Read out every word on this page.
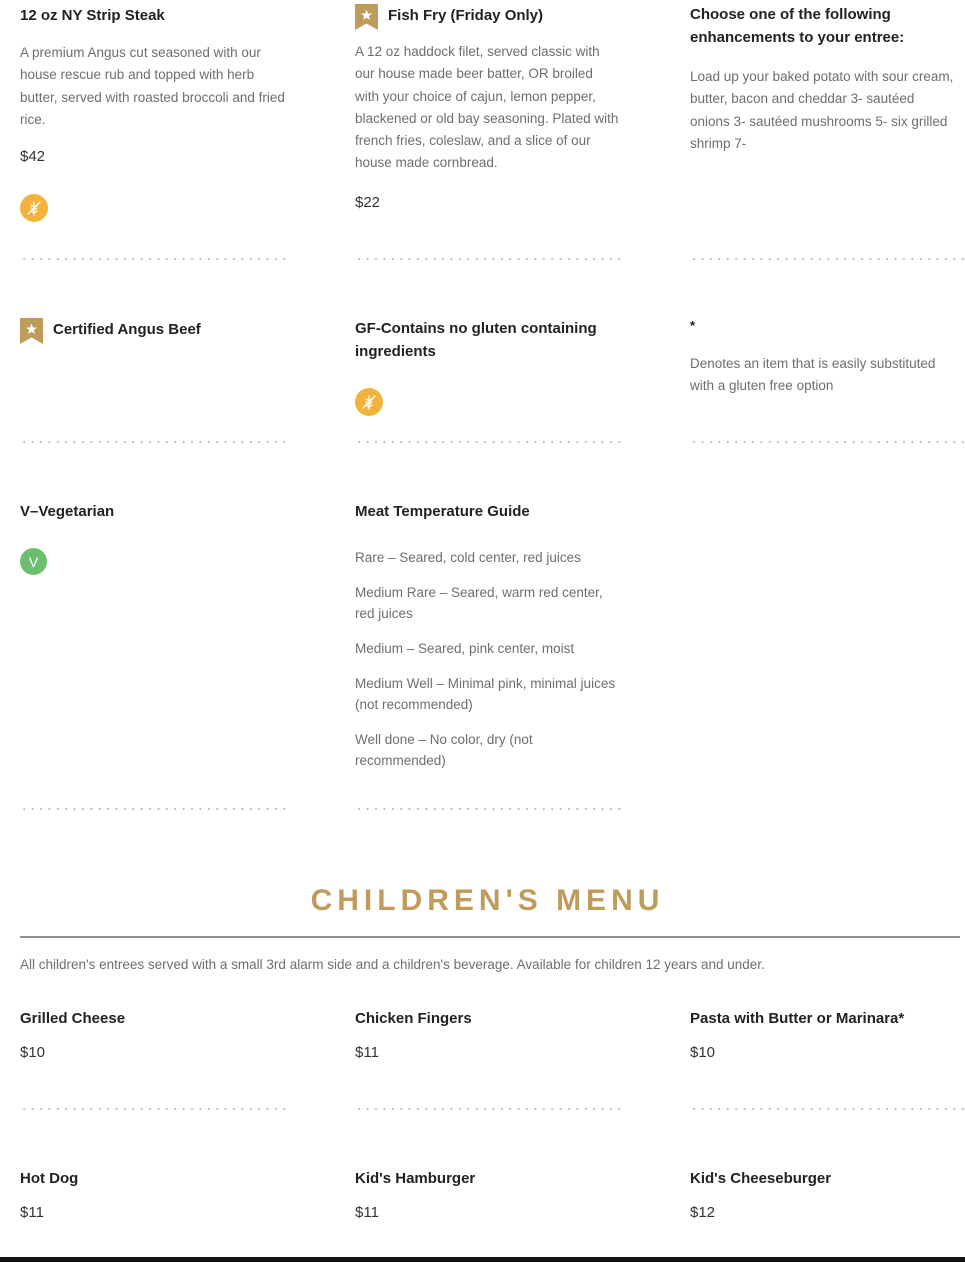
12 oz NY Strip Steak

A premium Angus cut seasoned with our house rescue rub and topped with herb butter, served with roasted broccoli and fried rice.

$42

Fish Fry (Friday Only)

A 12 oz haddock filet, served classic with our house made beer batter, OR broiled with your choice of cajun, lemon pepper, blackened or old bay seasoning. Plated with french fries, coleslaw, and a slice of our house made cornbread.

$22

Choose one of the following enhancements to your entree:

Load up your baked potato with sour cream, butter, bacon and cheddar 3- sautéed onions 3- sautéed mushrooms 5- six grilled shrimp 7-

Certified Angus Beef	GF-Contains no gluten containing ingredients

*

Denotes an item that is easily substituted with a gluten free option

V–Vegetarian

V

Meat Temperature Guide

Rare – Seared, cold center, red juices

Medium Rare – Seared, warm red center, red juices

Medium – Seared, pink center, moist

Medium Well – Minimal pink, minimal juices (not recommended)

Well done – No color, dry (not recommended)

CHILDREN'S MENU
All children's entrees served with a small 3rd alarm side and a children's beverage. Available for children 12 years and under.

Grilled Cheese

$10

Chicken Fingers

$11

Pasta with Butter or Marinara*

$10

Hot Dog

$11

Kid's Hamburger

$11

Kid's Cheeseburger

$12
